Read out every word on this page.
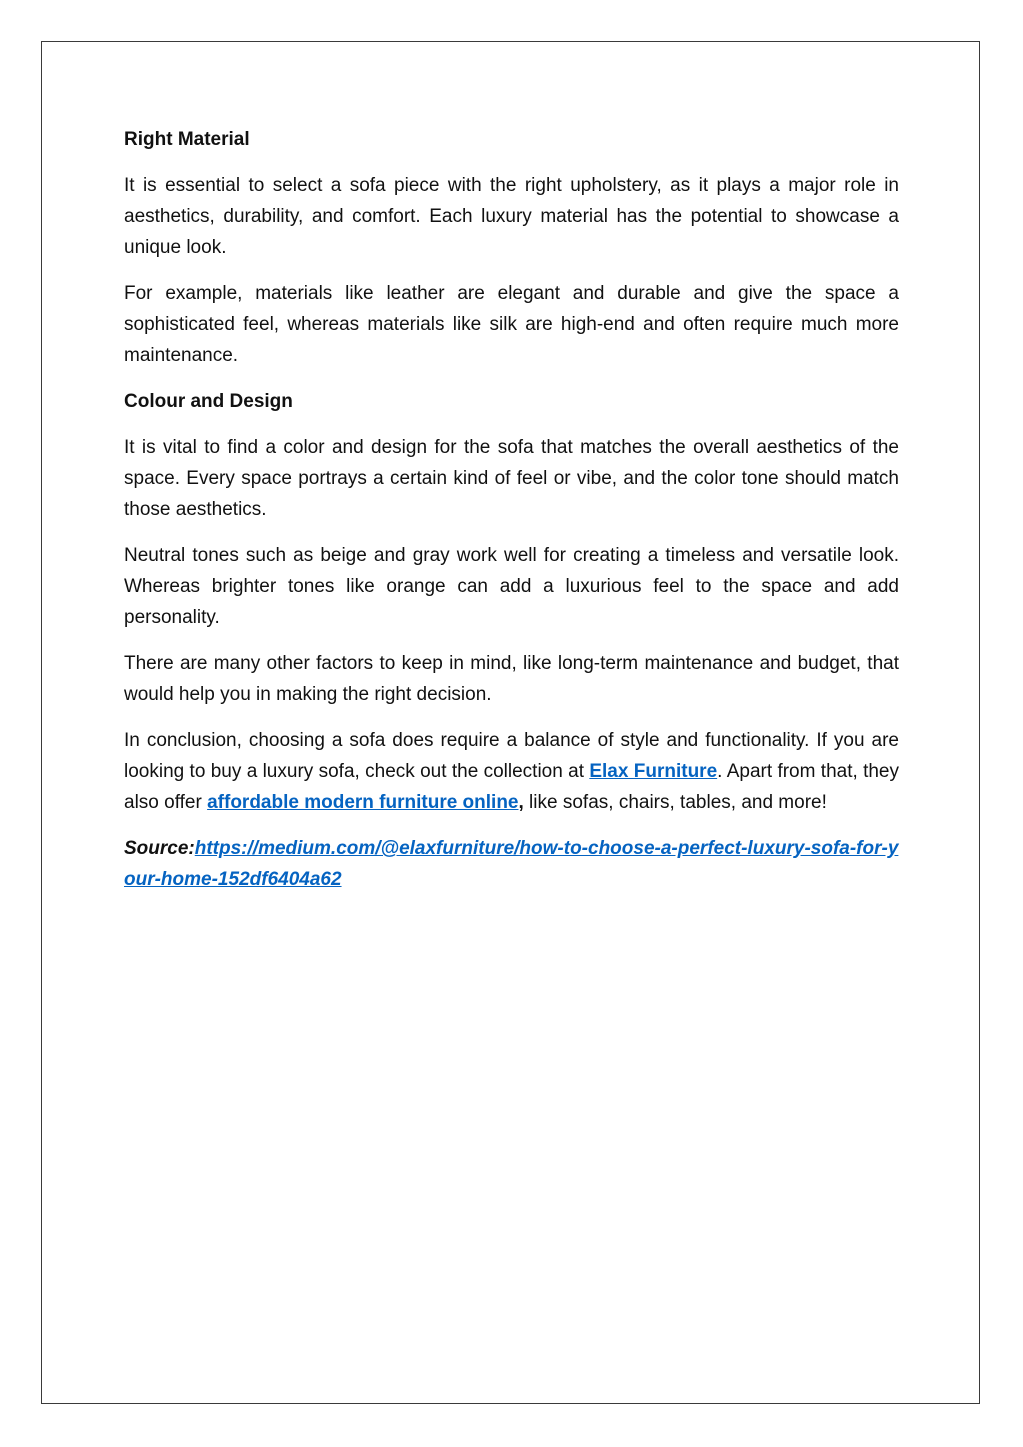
Right Material

It is essential to select a sofa piece with the right upholstery, as it plays a major role in aesthetics, durability, and comfort. Each luxury material has the potential to showcase a unique look.

For example, materials like leather are elegant and durable and give the space a sophisticated feel, whereas materials like silk are high-end and often require much more maintenance.

Colour and Design

It is vital to find a color and design for the sofa that matches the overall aesthetics of the space. Every space portrays a certain kind of feel or vibe, and the color tone should match those aesthetics.

Neutral tones such as beige and gray work well for creating a timeless and versatile look. Whereas brighter tones like orange can add a luxurious feel to the space and add personality.

There are many other factors to keep in mind, like long-term maintenance and budget, that would help you in making the right decision.

In conclusion, choosing a sofa does require a balance of style and functionality. If you are looking to buy a luxury sofa, check out the collection at Elax Furniture. Apart from that, they also offer affordable modern furniture online, like sofas, chairs, tables, and more!

Source:https://medium.com/@elaxfurniture/how-to-choose-a-perfect-luxury-sofa-for-your-home-152df6404a62
